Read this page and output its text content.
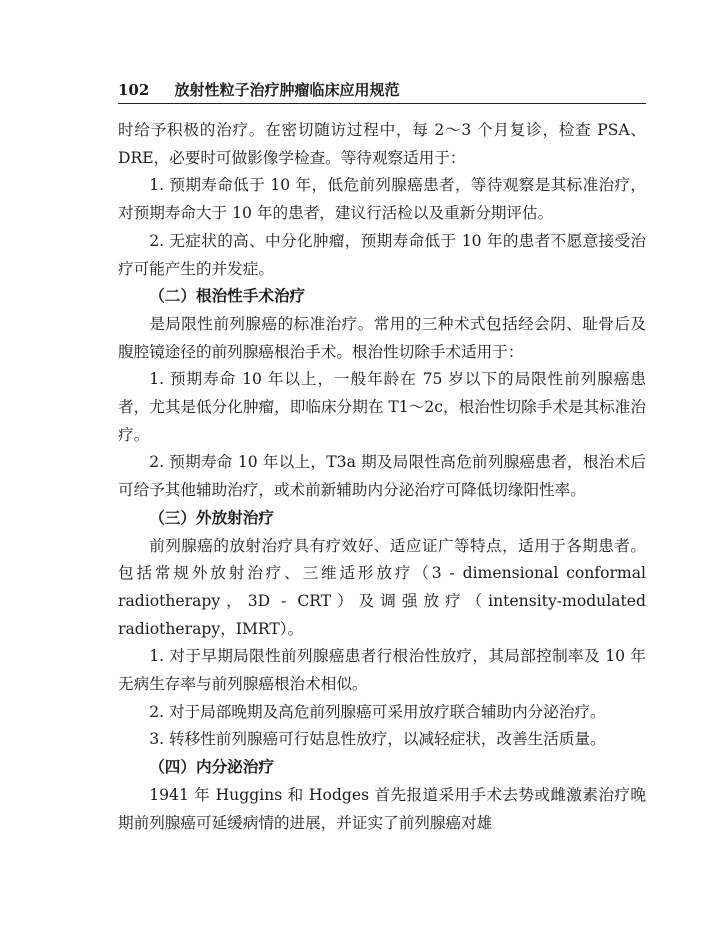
102 放射性粒子治疗肿瘤临床应用规范

时给予积极的治疗。在密切随访过程中，每 2～3 个月复诊，检查 PSA、DRE，必要时可做影像学检查。等待观察适用于：

1. 预期寿命低于 10 年，低危前列腺癌患者，等待观察是其标准治疗，对预期寿命大于 10 年的患者，建议行活检以及重新分期评估。

2. 无症状的高、中分化肿瘤，预期寿命低于 10 年的患者不愿意接受治疗可能产生的并发症。

（二）根治性手术治疗

是局限性前列腺癌的标准治疗。常用的三种术式包括经会阴、耻骨后及腹腔镜途径的前列腺癌根治手术。根治性切除手术适用于：

1. 预期寿命 10 年以上，一般年龄在 75 岁以下的局限性前列腺癌患者，尤其是低分化肿瘤，即临床分期在 T1～2c，根治性切除手术是其标准治疗。

2. 预期寿命 10 年以上，T3a 期及局限性高危前列腺癌患者，根治术后可给予其他辅助治疗，或术前新辅助内分泌治疗可降低切缘阳性率。

（三）外放射治疗

前列腺癌的放射治疗具有疗效好、适应证广等特点，适用于各期患者。包括常规外放射治疗、三维适形放疗（3 - dimensional conformal radiotherapy，3D - CRT）及调强放疗（intensity-modulated radiotherapy，IMRT）。

1. 对于早期局限性前列腺癌患者行根治性放疗，其局部控制率及 10 年无病生存率与前列腺癌根治术相似。

2. 对于局部晚期及高危前列腺癌可采用放疗联合辅助内分泌治疗。

3. 转移性前列腺癌可行姑息性放疗，以减轻症状，改善生活质量。

（四）内分泌治疗

1941 年 Huggins 和 Hodges 首先报道采用手术去势或雌激素治疗晚期前列腺癌可延缓病情的进展，并证实了前列腺癌对雄
